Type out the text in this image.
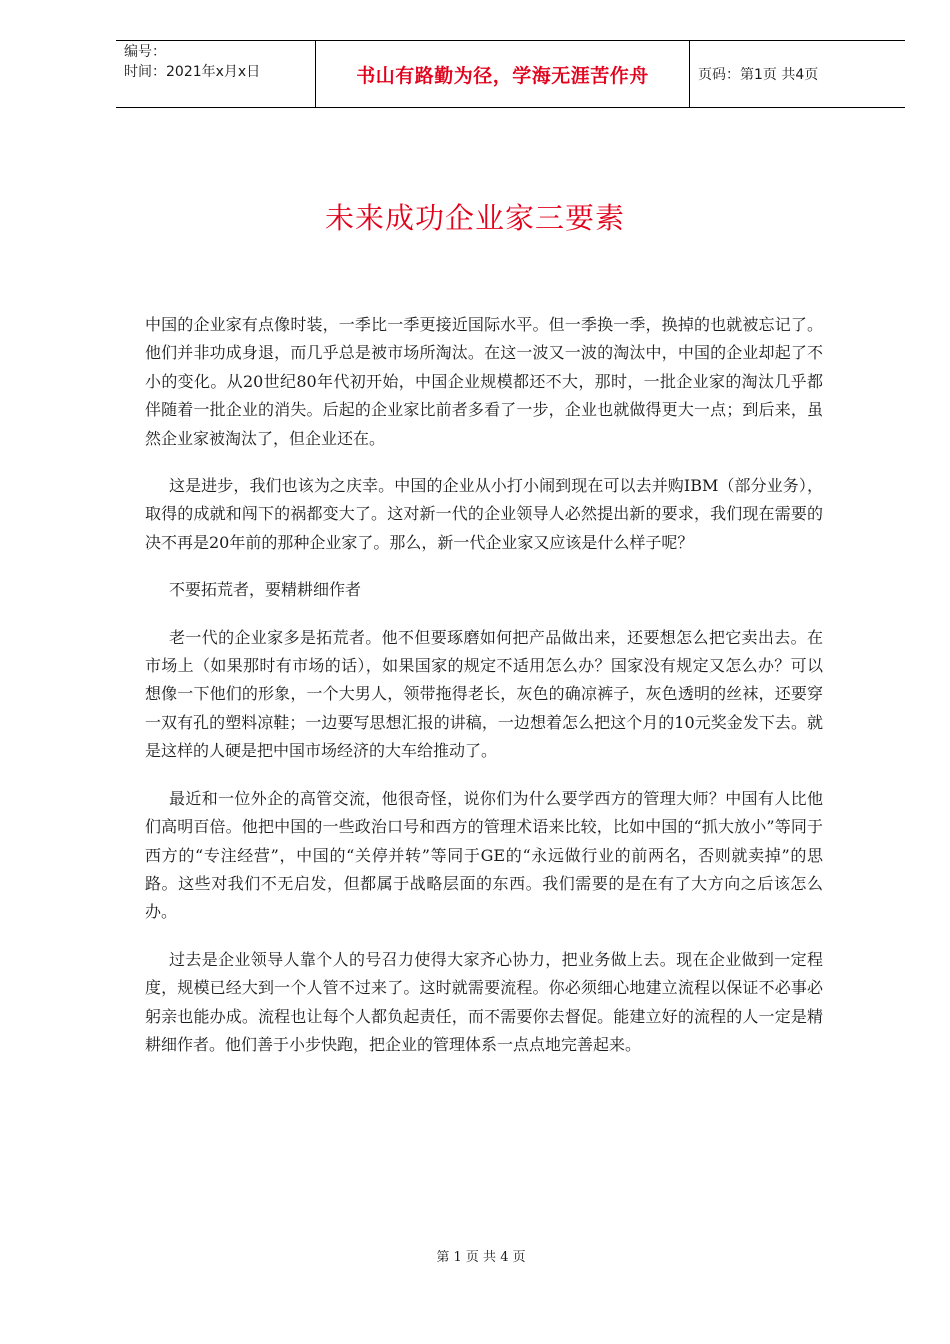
编号：
时间：2021年x月x日	书山有路勤为径，学海无涯苦作舟	页码：第1页 共4页
未来成功企业家三要素

中国的企业家有点像时装，一季比一季更接近国际水平。但一季换一季，换掉的也就被忘记了。他们并非功成身退，而几乎总是被市场所淘汰。在这一波又一波的淘汰中，中国的企业却起了不小的变化。从20世纪80年代初开始，中国企业规模都还不大，那时，一批企业家的淘汰几乎都伴随着一批企业的消失。后起的企业家比前者多看了一步，企业也就做得更大一点；到后来，虽然企业家被淘汰了，但企业还在。

这是进步，我们也该为之庆幸。中国的企业从小打小闹到现在可以去并购IBM（部分业务），取得的成就和闯下的祸都变大了。这对新一代的企业领导人必然提出新的要求，我们现在需要的决不再是20年前的那种企业家了。那么，新一代企业家又应该是什么样子呢？

不要拓荒者，要精耕细作者

老一代的企业家多是拓荒者。他不但要琢磨如何把产品做出来，还要想怎么把它卖出去。在市场上（如果那时有市场的话），如果国家的规定不适用怎么办？国家没有规定又怎么办？可以想像一下他们的形象，一个大男人，领带拖得老长，灰色的确凉裤子，灰色透明的丝袜，还要穿一双有孔的塑料凉鞋；一边要写思想汇报的讲稿，一边想着怎么把这个月的10元奖金发下去。就是这样的人硬是把中国市场经济的大车给推动了。

最近和一位外企的高管交流，他很奇怪，说你们为什么要学西方的管理大师？中国有人比他们高明百倍。他把中国的一些政治口号和西方的管理术语来比较，比如中国的“抓大放小”等同于西方的“专注经营”，中国的“关停并转”等同于GE的“永远做行业的前两名，否则就卖掉”的思路。这些对我们不无启发，但都属于战略层面的东西。我们需要的是在有了大方向之后该怎么办。

过去是企业领导人靠个人的号召力使得大家齐心协力，把业务做上去。现在企业做到一定程度，规模已经大到一个人管不过来了。这时就需要流程。你必须细心地建立流程以保证不必事必躬亲也能办成。流程也让每个人都负起责任，而不需要你去督促。能建立好的流程的人一定是精耕细作者。他们善于小步快跑，把企业的管理体系一点点地完善起来。

第 1 页 共 4 页
